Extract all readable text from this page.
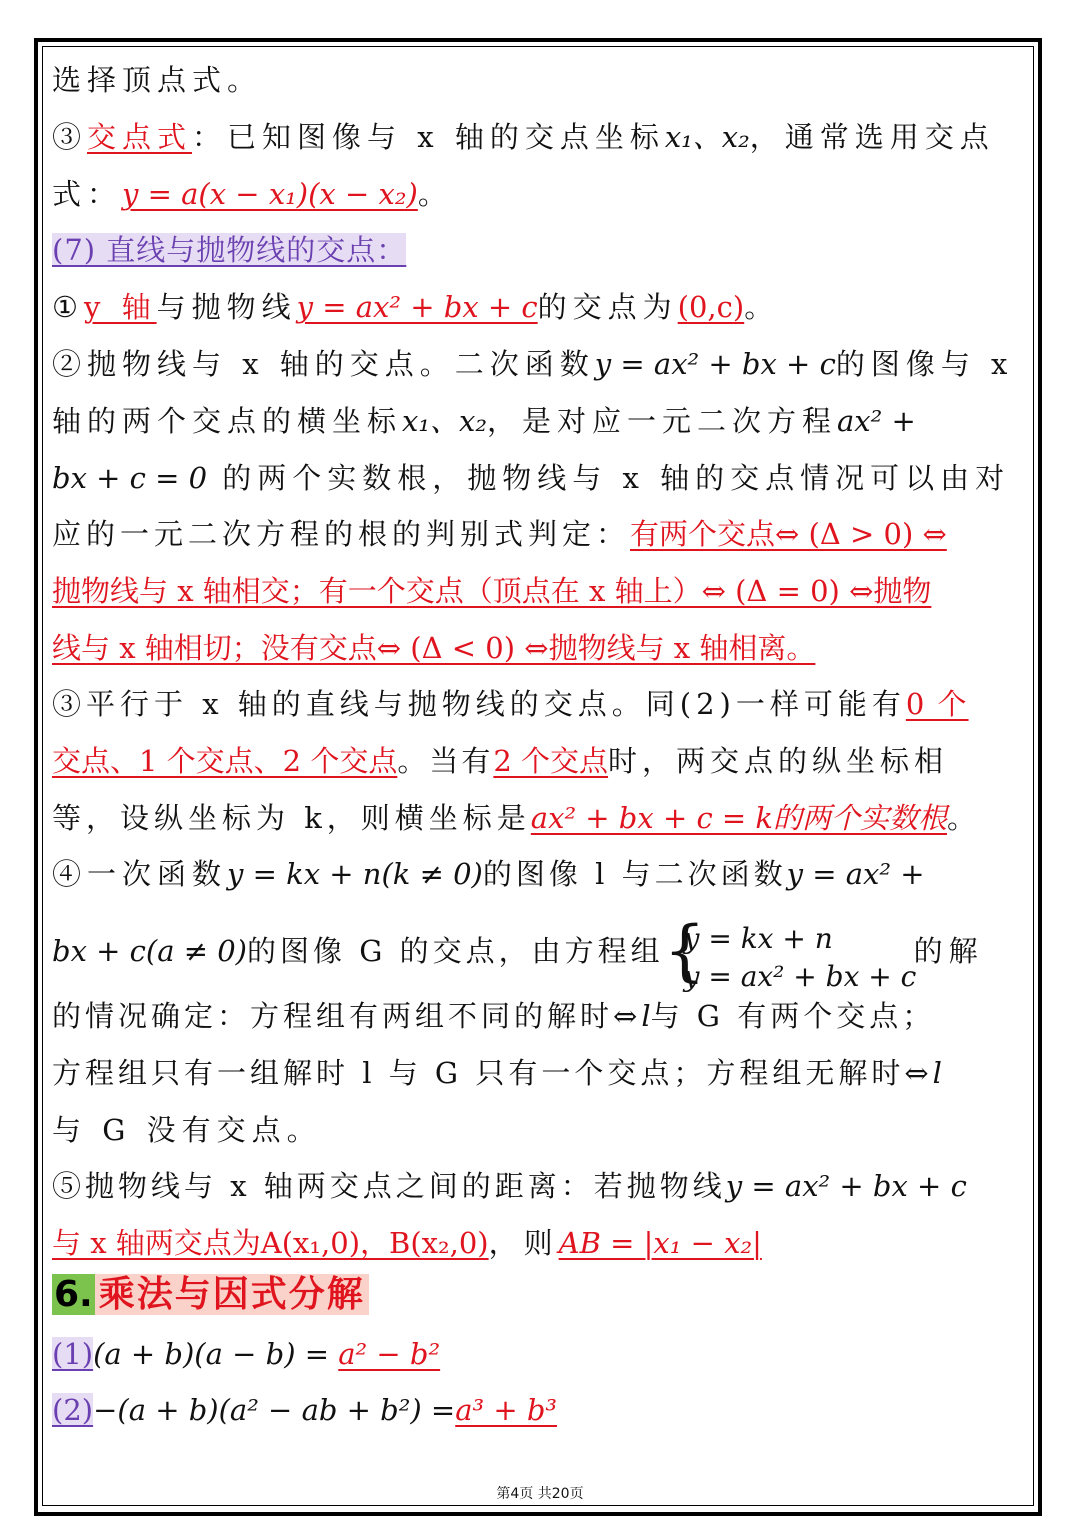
选择顶点式。
③交点式：已知图像与 x 轴的交点坐标x₁、x₂，通常选用交点
式：y = a(x − x₁)(x − x₂)。
(7) 直线与抛物线的交点：
①y 轴与抛物线y = ax² + bx + c的交点为(0,c)。
②抛物线与 x 轴的交点。二次函数y = ax² + bx + c的图像与 x
轴的两个交点的横坐标x₁、x₂，是对应一元二次方程ax² +
bx + c = 0 的两个实数根，抛物线与 x 轴的交点情况可以由对
应的一元二次方程的根的判别式判定：有两个交点⇔ (Δ > 0) ⇔
抛物线与 x 轴相交；有一个交点（顶点在 x 轴上）⇔ (Δ = 0) ⇔抛物
线与 x 轴相切；没有交点⇔ (Δ < 0) ⇔抛物线与 x 轴相离。
③平行于 x 轴的直线与抛物线的交点。同(2)一样可能有0 个
交点、1 个交点、2 个交点。当有2 个交点时，两交点的纵坐标相
等，设纵坐标为 k，则横坐标是ax² + bx + c = k的两个实数根。
④一次函数y = kx + n(k ≠ 0)的图像 l 与二次函数y = ax² +
bx + c(a ≠ 0)的图像 G 的交点，由方程组 {
y = kx + n
y = ax² + bx + c
的解
的情况确定：方程组有两组不同的解时⇔l与 G 有两个交点；
方程组只有一组解时 l 与 G 只有一个交点；方程组无解时⇔l
与 G 没有交点。
⑤抛物线与 x 轴两交点之间的距离：若抛物线y = ax² + bx + c
与 x 轴两交点为A(x₁,0)，B(x₂,0)，则AB = |x₁ − x₂|
6. 乘法与因式分解
(1)(a + b)(a − b) = a² − b²
(2)−(a + b)(a² − ab + b²) =a³ + b³
第4页 共20页
